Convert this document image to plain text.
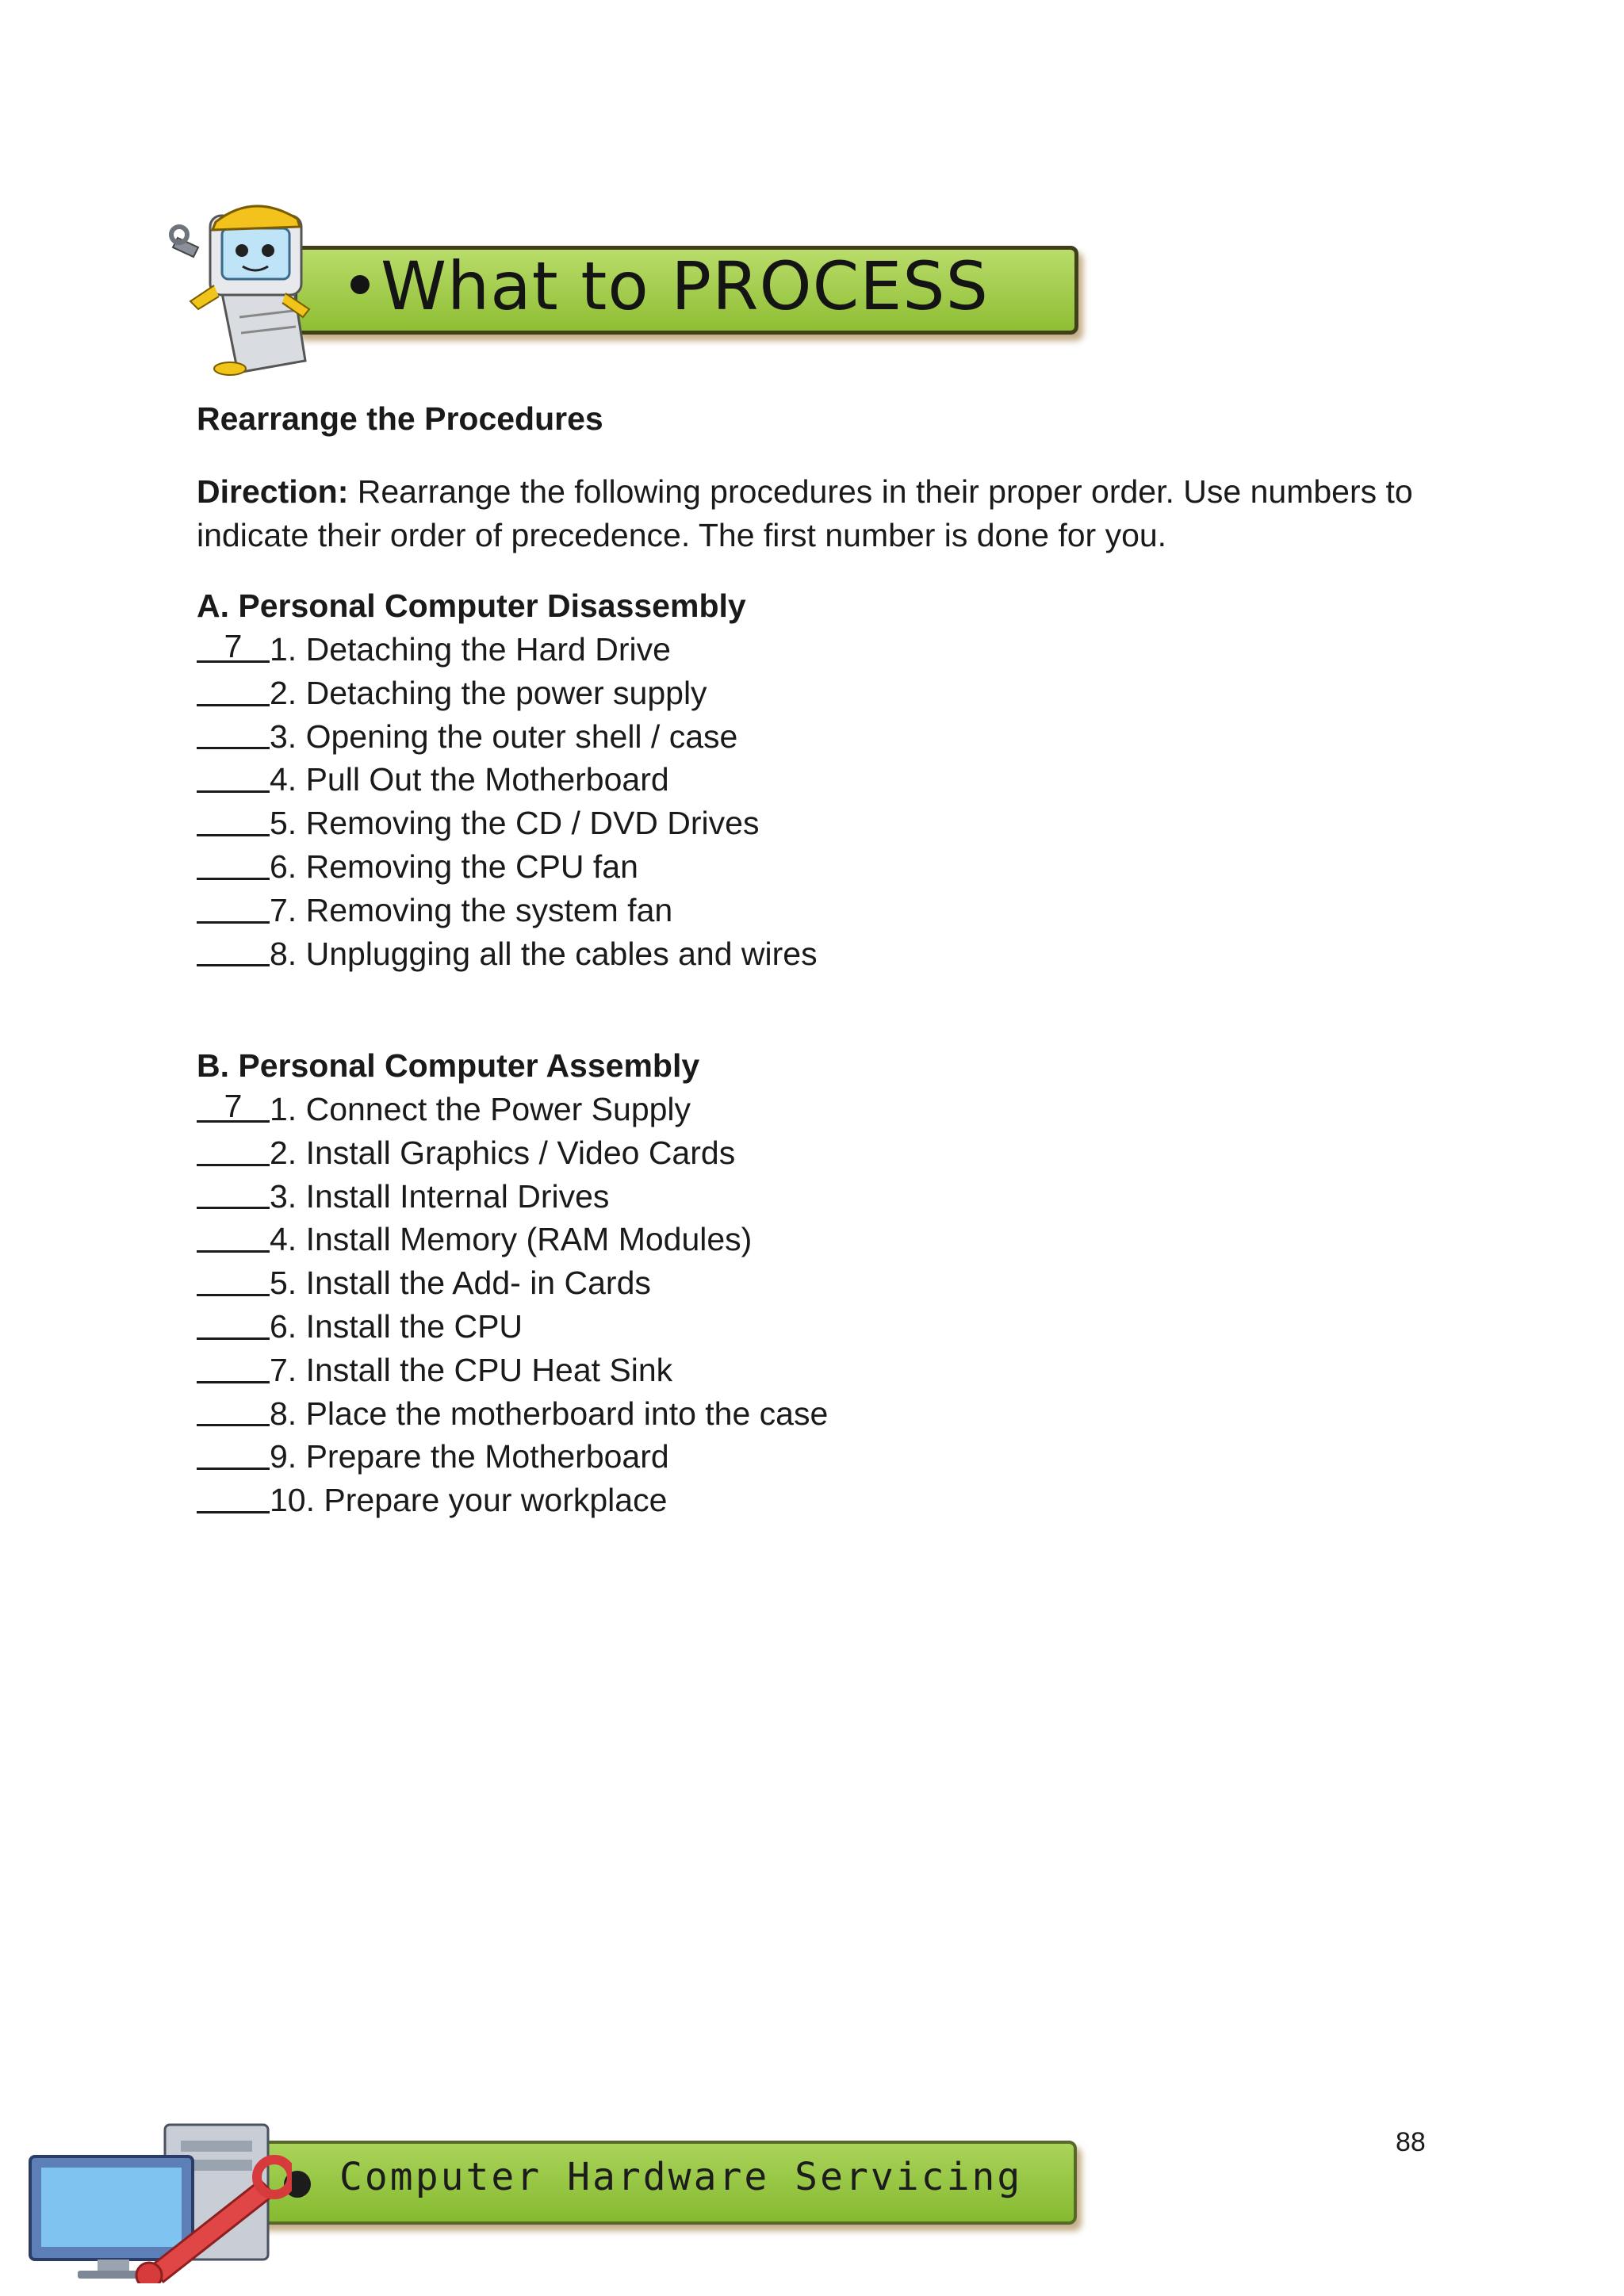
What to PROCESS
Rearrange the Procedures
Direction: Rearrange the following procedures in their proper order. Use numbers to indicate their order of precedence. The first number is done for you.
A. Personal Computer Disassembly
7 1. Detaching the Hard Drive
2. Detaching the power supply
3. Opening the outer shell / case
4. Pull Out the Motherboard
5. Removing the CD / DVD Drives
6. Removing the CPU fan
7. Removing the system fan
8. Unplugging all the cables and wires
B. Personal Computer Assembly
7 1. Connect the Power Supply
2. Install Graphics / Video Cards
3. Install Internal Drives
4. Install Memory (RAM Modules)
5. Install the Add- in Cards
6. Install the CPU
7. Install the CPU Heat Sink
8. Place the motherboard into the case
9. Prepare the Motherboard
10. Prepare your workplace
88
Computer Hardware Servicing
